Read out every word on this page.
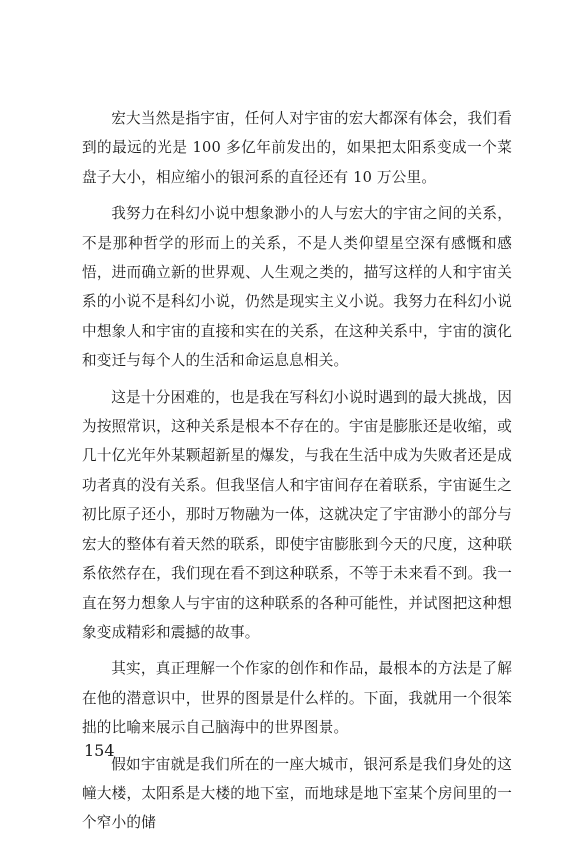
宏大当然是指宇宙，任何人对宇宙的宏大都深有体会，我们看到的最远的光是 100 多亿年前发出的，如果把太阳系变成一个菜盘子大小，相应缩小的银河系的直径还有 10 万公里。

我努力在科幻小说中想象渺小的人与宏大的宇宙之间的关系，不是那种哲学的形而上的关系，不是人类仰望星空深有感慨和感悟，进而确立新的世界观、人生观之类的，描写这样的人和宇宙关系的小说不是科幻小说，仍然是现实主义小说。我努力在科幻小说中想象人和宇宙的直接和实在的关系，在这种关系中，宇宙的演化和变迁与每个人的生活和命运息息相关。

这是十分困难的，也是我在写科幻小说时遇到的最大挑战，因为按照常识，这种关系是根本不存在的。宇宙是膨胀还是收缩，或几十亿光年外某颗超新星的爆发，与我在生活中成为失败者还是成功者真的没有关系。但我坚信人和宇宙间存在着联系，宇宙诞生之初比原子还小，那时万物融为一体，这就决定了宇宙渺小的部分与宏大的整体有着天然的联系，即使宇宙膨胀到今天的尺度，这种联系依然存在，我们现在看不到这种联系，不等于未来看不到。我一直在努力想象人与宇宙的这种联系的各种可能性，并试图把这种想象变成精彩和震撼的故事。

其实，真正理解一个作家的创作和作品，最根本的方法是了解在他的潜意识中，世界的图景是什么样的。下面，我就用一个很笨拙的比喻来展示自己脑海中的世界图景。

假如宇宙就是我们所在的一座大城市，银河系是我们身处的这幢大楼，太阳系是大楼的地下室，而地球是地下室某个房间里的一个窄小的储

154
